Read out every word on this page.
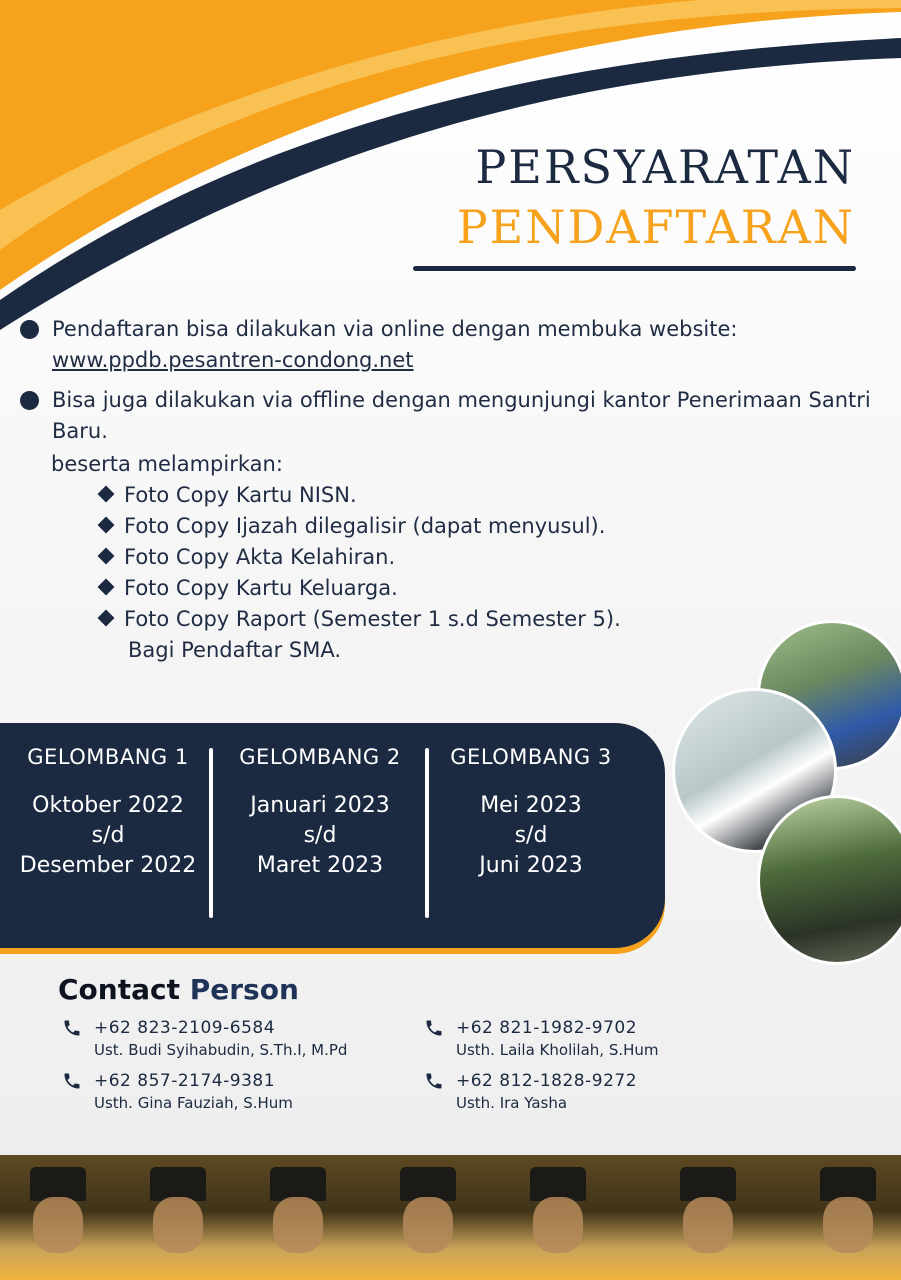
PERSYARATAN
PENDAFTARAN
Pendaftaran bisa dilakukan via online dengan membuka website:
www.ppdb.pesantren-condong.net
Bisa juga dilakukan via offline dengan mengunjungi kantor Penerimaan Santri Baru.
beserta melampirkan:
Foto Copy Kartu NISN.
Foto Copy Ijazah dilegalisir (dapat menyusul).
Foto Copy Akta Kelahiran.
Foto Copy Kartu Keluarga.
Foto Copy Raport (Semester 1 s.d Semester 5).
Bagi Pendaftar SMA.
GELOMBANG 1
Oktober 2022
s/d
Desember 2022
GELOMBANG 2
Januari 2023
s/d
Maret 2023
GELOMBANG 3
Mei 2023
s/d
Juni 2023
Contact Person
+62 823-2109-6584
Ust. Budi Syihabudin, S.Th.I, M.Pd
+62 821-1982-9702
Usth. Laila Kholilah, S.Hum
+62 857-2174-9381
Usth. Gina Fauziah, S.Hum
+62 812-1828-9272
Usth. Ira Yasha
